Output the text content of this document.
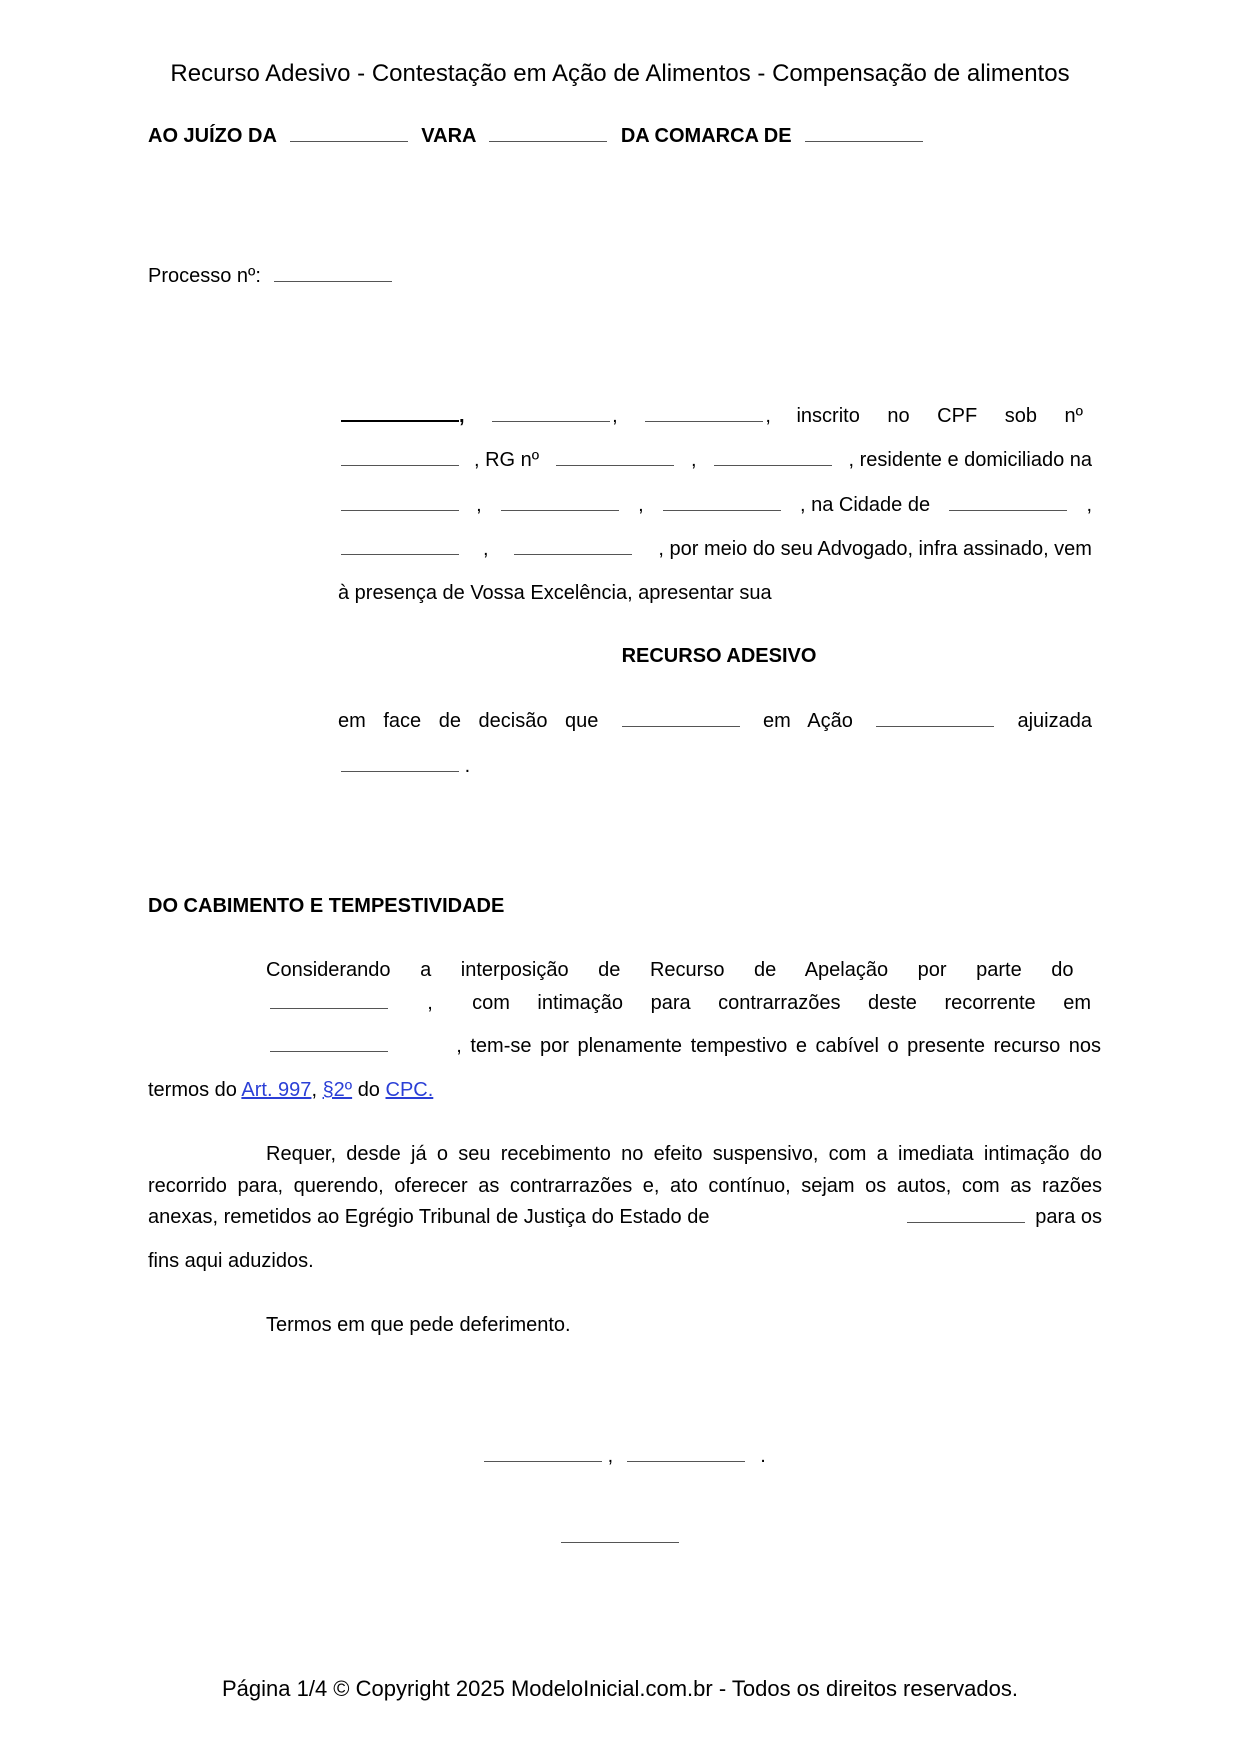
Recurso Adesivo - Contestação em Ação de Alimentos - Compensação de alimentos
AO JUÍZO DA	VARA	DA COMARCA DE
Processo nº:
,	,	, inscrito no CPF sob nº
, RG nº	,	, residente e domiciliado na
,	,	, na Cidade de	,
,	, por meio do seu Advogado, infra assinado, vem
à presença de Vossa Excelência, apresentar sua
RECURSO ADESIVO
em face de decisão que	em Ação	ajuizada
.
DO CABIMENTO E TEMPESTIVIDADE
Considerando a interposição de Recurso de Apelação por parte do
, com intimação para contrarrazões deste recorrente em
, tem-se por plenamente tempestivo e cabível o presente recurso nos
termos do Art. 997, §2º do CPC.
Requer, desde já o seu recebimento no efeito suspensivo, com a imediata intimação do
recorrido para, querendo, oferecer as contrarrazões e, ato contínuo, sejam os autos, com as razões
anexas, remetidos ao Egrégio Tribunal de Justiça do Estado de	para os
fins aqui aduzidos.
Termos em que pede deferimento.
,	.
Página 1/4 © Copyright 2025 ModeloInicial.com.br - Todos os direitos reservados.
